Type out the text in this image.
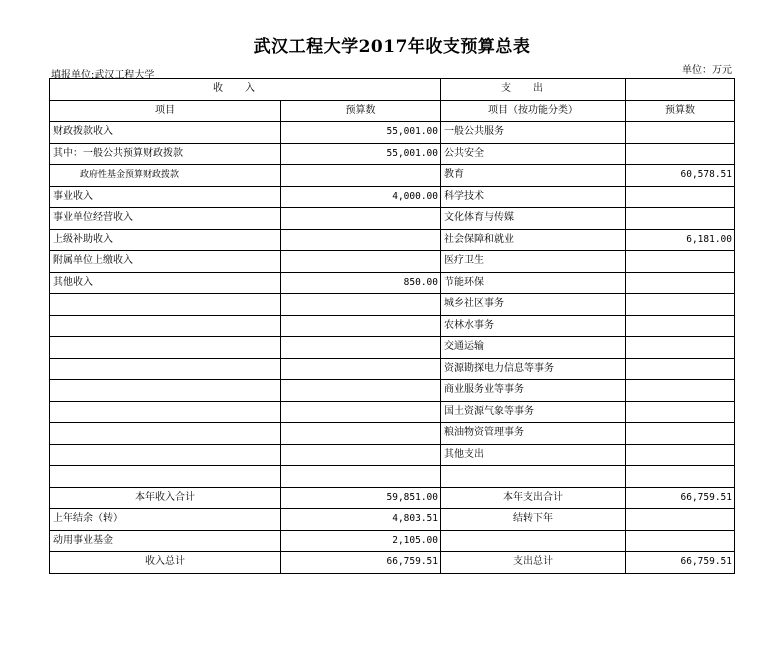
武汉工程大学2017年收支预算总表
填报单位:武汉工程大学	单位：万元
收入		支出	
项目	预算数	项目（按功能分类）	预算数
财政拨款收入	55,001.00	一般公共服务	
其中：一般公共预算财政拨款	55,001.00	公共安全	
政府性基金预算财政拨款		教育	60,578.51
事业收入	4,000.00	科学技术	
事业单位经营收入		文化体育与传媒	
上级补助收入		社会保障和就业	6,181.00
附属单位上缴收入		医疗卫生	
其他收入	850.00	节能环保	
		城乡社区事务	
		农林水事务	
		交通运输	
		资源勘探电力信息等事务	
		商业服务业等事务	
		国土资源气象等事务	
		粮油物资管理事务	
		其他支出	

本年收入合计	59,851.00	本年支出合计	66,759.51
上年结余（转）	4,803.51	结转下年	
动用事业基金	2,105.00		
收入总计	66,759.51	支出总计	66,759.51
